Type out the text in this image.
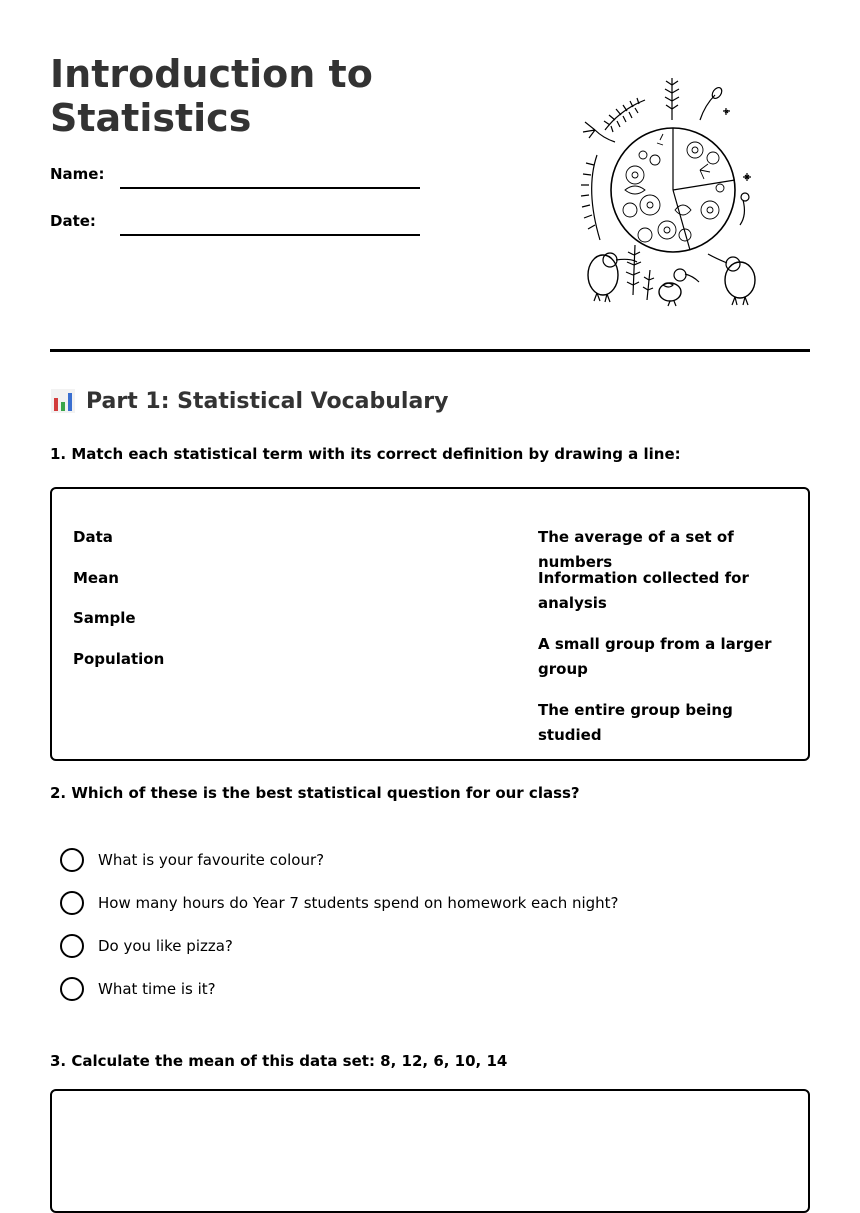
Introduction to
Statistics
Name:
Date:
Part 1: Statistical Vocabulary
1. Match each statistical term with its correct definition by drawing a line:
Data
Mean
Sample
Population
The average of a set of numbers
Information collected for analysis
A small group from a larger group
The entire group being studied
2. Which of these is the best statistical question for our class?
What is your favourite colour?
How many hours do Year 7 students spend on homework each night?
Do you like pizza?
What time is it?
3. Calculate the mean of this data set: 8, 12, 6, 10, 14
